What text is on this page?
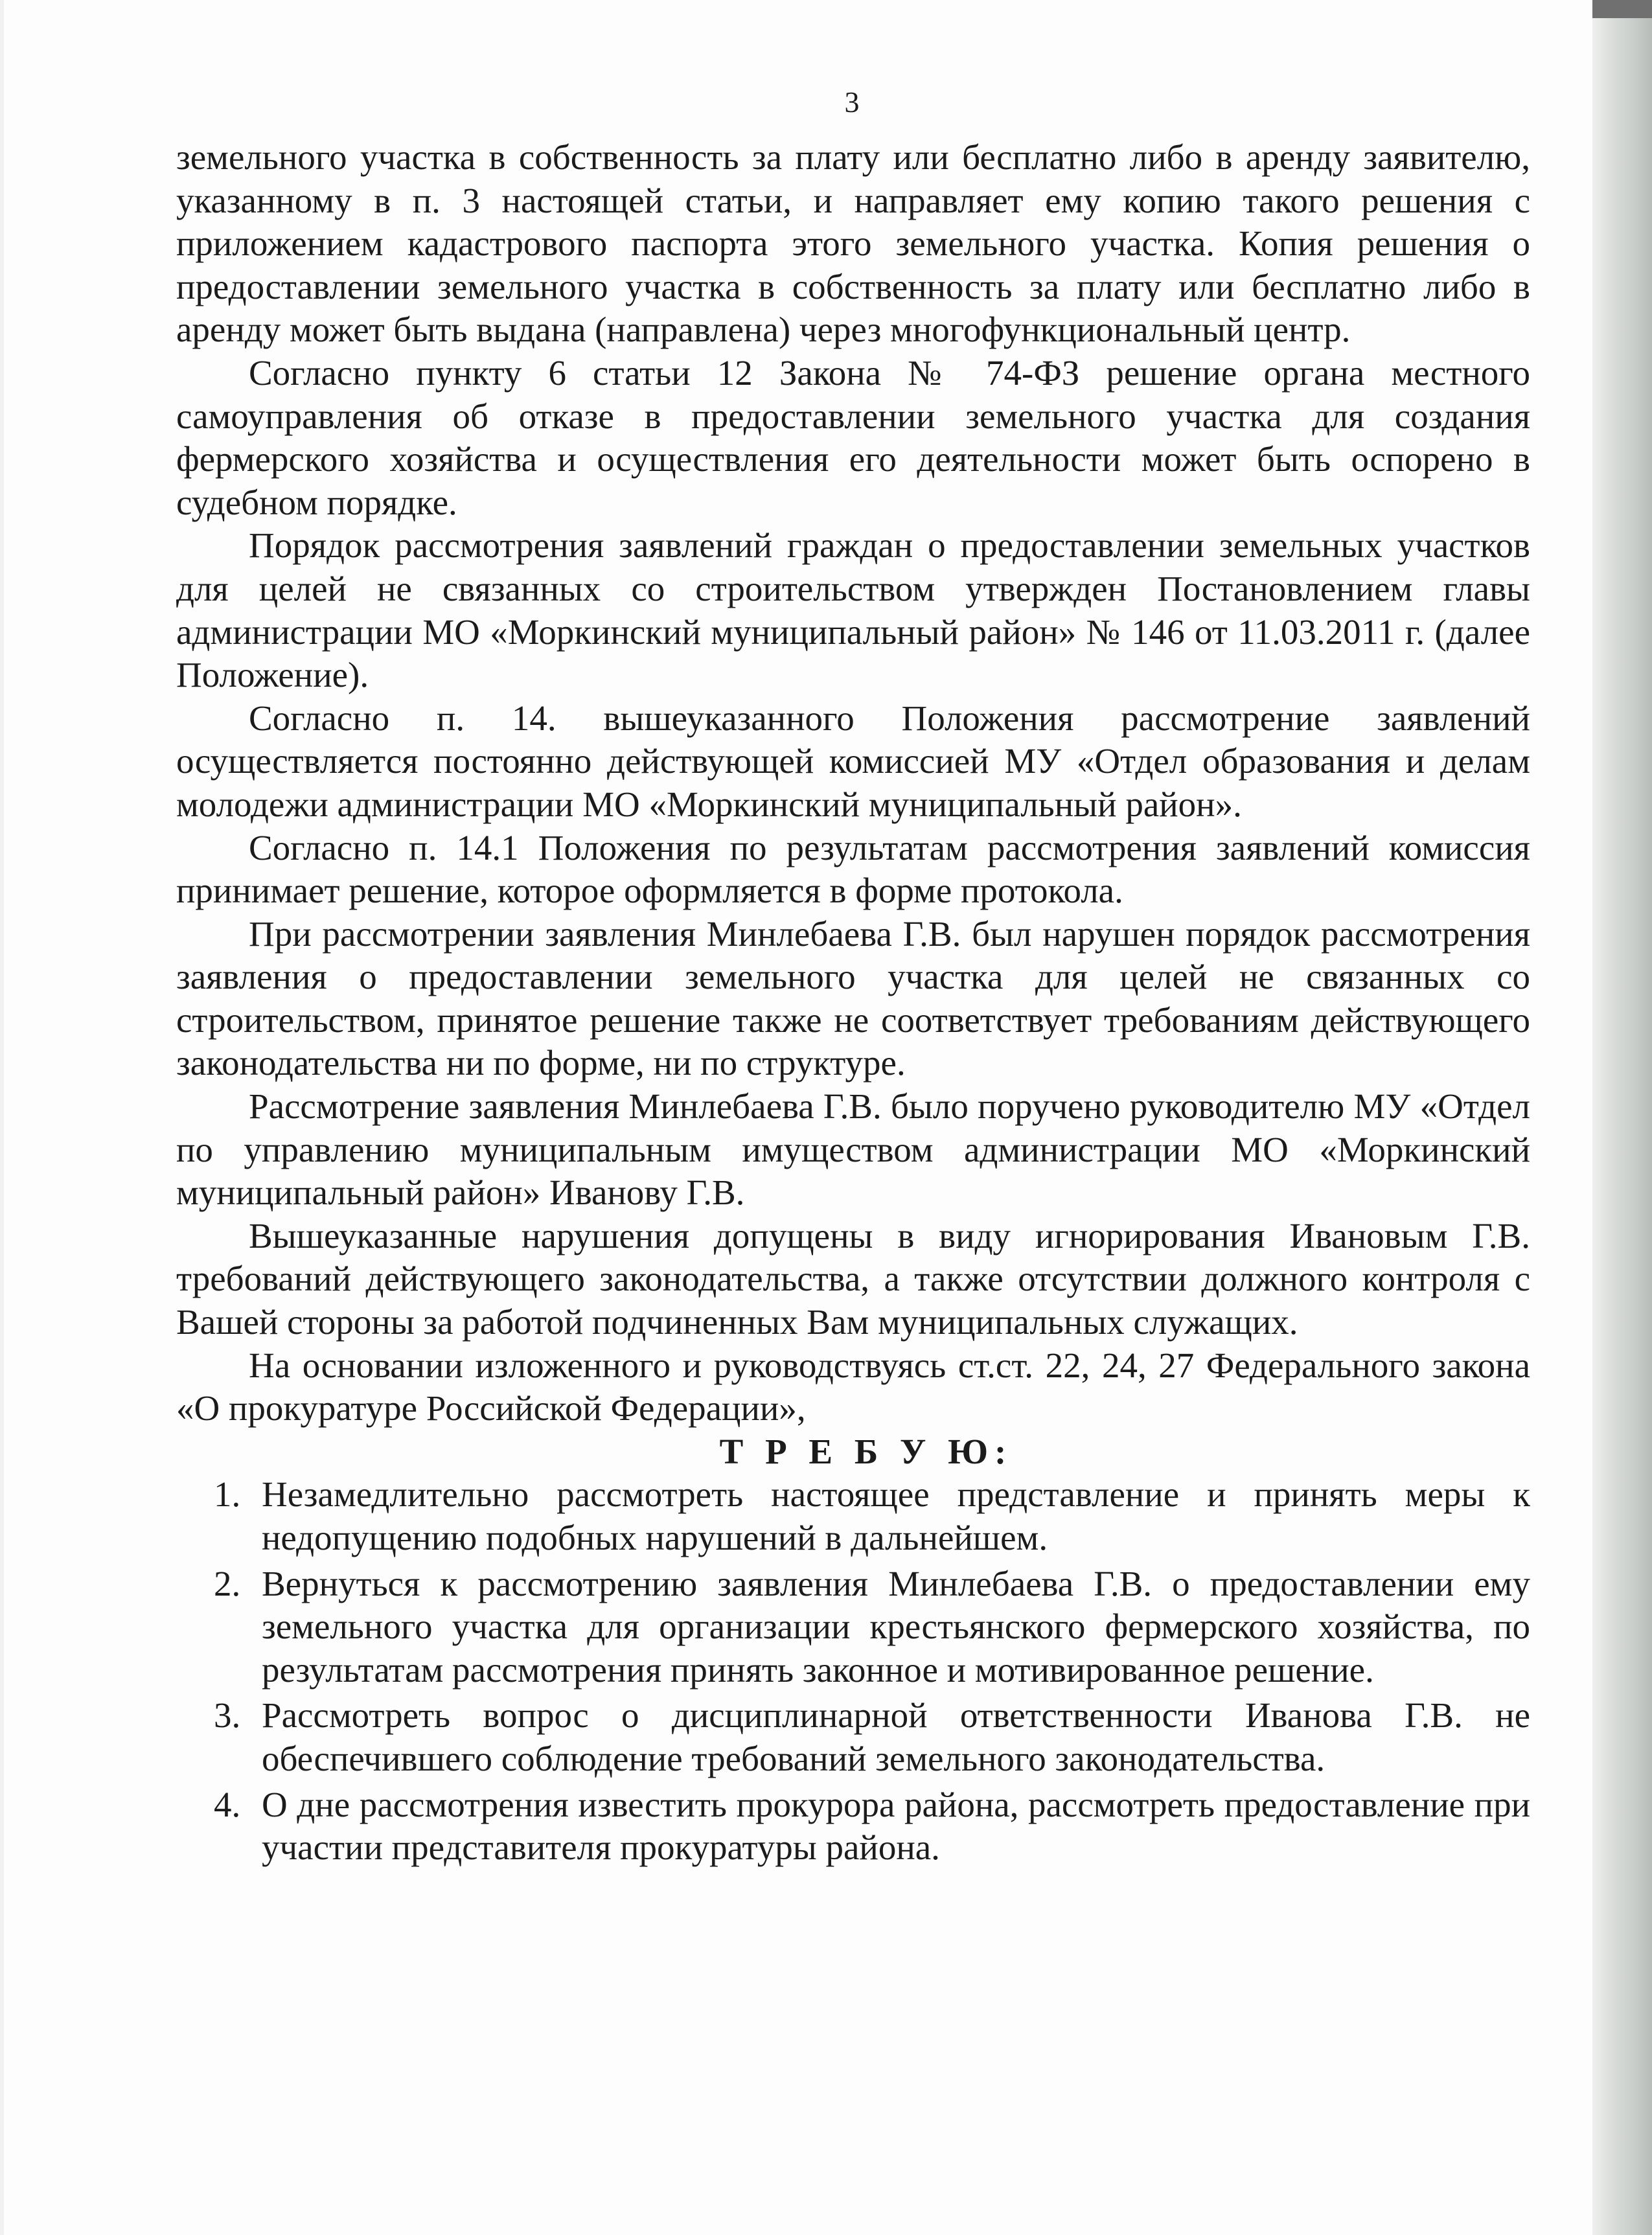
3

земельного участка в собственность за плату или бесплатно либо в аренду заявителю, указанному в п. 3 настоящей статьи, и направляет ему копию такого решения с приложением кадастрового паспорта этого земельного участка. Копия решения о предоставлении земельного участка в собственность за плату или бесплатно либо в аренду может быть выдана (направлена) через многофункциональный центр.

Согласно пункту 6 статьи 12 Закона № 74-ФЗ решение органа местного самоуправления об отказе в предоставлении земельного участка для создания фермерского хозяйства и осуществления его деятельности может быть оспорено в судебном порядке.

Порядок рассмотрения заявлений граждан о предоставлении земельных участков для целей не связанных со строительством утвержден Постановлением главы администрации МО «Моркинский муниципальный район» № 146 от 11.03.2011 г. (далее Положение).

Согласно п. 14. вышеуказанного Положения рассмотрение заявлений осуществляется постоянно действующей комиссией МУ «Отдел образования и делам молодежи администрации МО «Моркинский муниципальный район».

Согласно п. 14.1 Положения по результатам рассмотрения заявлений комиссия принимает решение, которое оформляется в форме протокола.

При рассмотрении заявления Минлебаева Г.В. был нарушен порядок рассмотрения заявления о предоставлении земельного участка для целей не связанных со строительством, принятое решение также не соответствует требованиям действующего законодательства ни по форме, ни по структуре.

Рассмотрение заявления Минлебаева Г.В. было поручено руководителю МУ «Отдел по управлению муниципальным имуществом администрации МО «Моркинский муниципальный район» Иванову Г.В.

Вышеуказанные нарушения допущены в виду игнорирования Ивановым Г.В. требований действующего законодательства, а также отсутствии должного контроля с Вашей стороны за работой подчиненных Вам муниципальных служащих.

На основании изложенного и руководствуясь ст.ст. 22, 24, 27 Федерального закона «О прокуратуре Российской Федерации»,

Т Р Е Б У Ю:
1. Незамедлительно рассмотреть настоящее представление и принять меры к недопущению подобных нарушений в дальнейшем.
2. Вернуться к рассмотрению заявления Минлебаева Г.В. о предоставлении ему земельного участка для организации крестьянского фермерского хозяйства, по результатам рассмотрения принять законное и мотивированное решение.
3. Рассмотреть вопрос о дисциплинарной ответственности Иванова Г.В. не обеспечившего соблюдение требований земельного законодательства.
4. О дне рассмотрения известить прокурора района, рассмотреть предоставление при участии представителя прокуратуры района.
